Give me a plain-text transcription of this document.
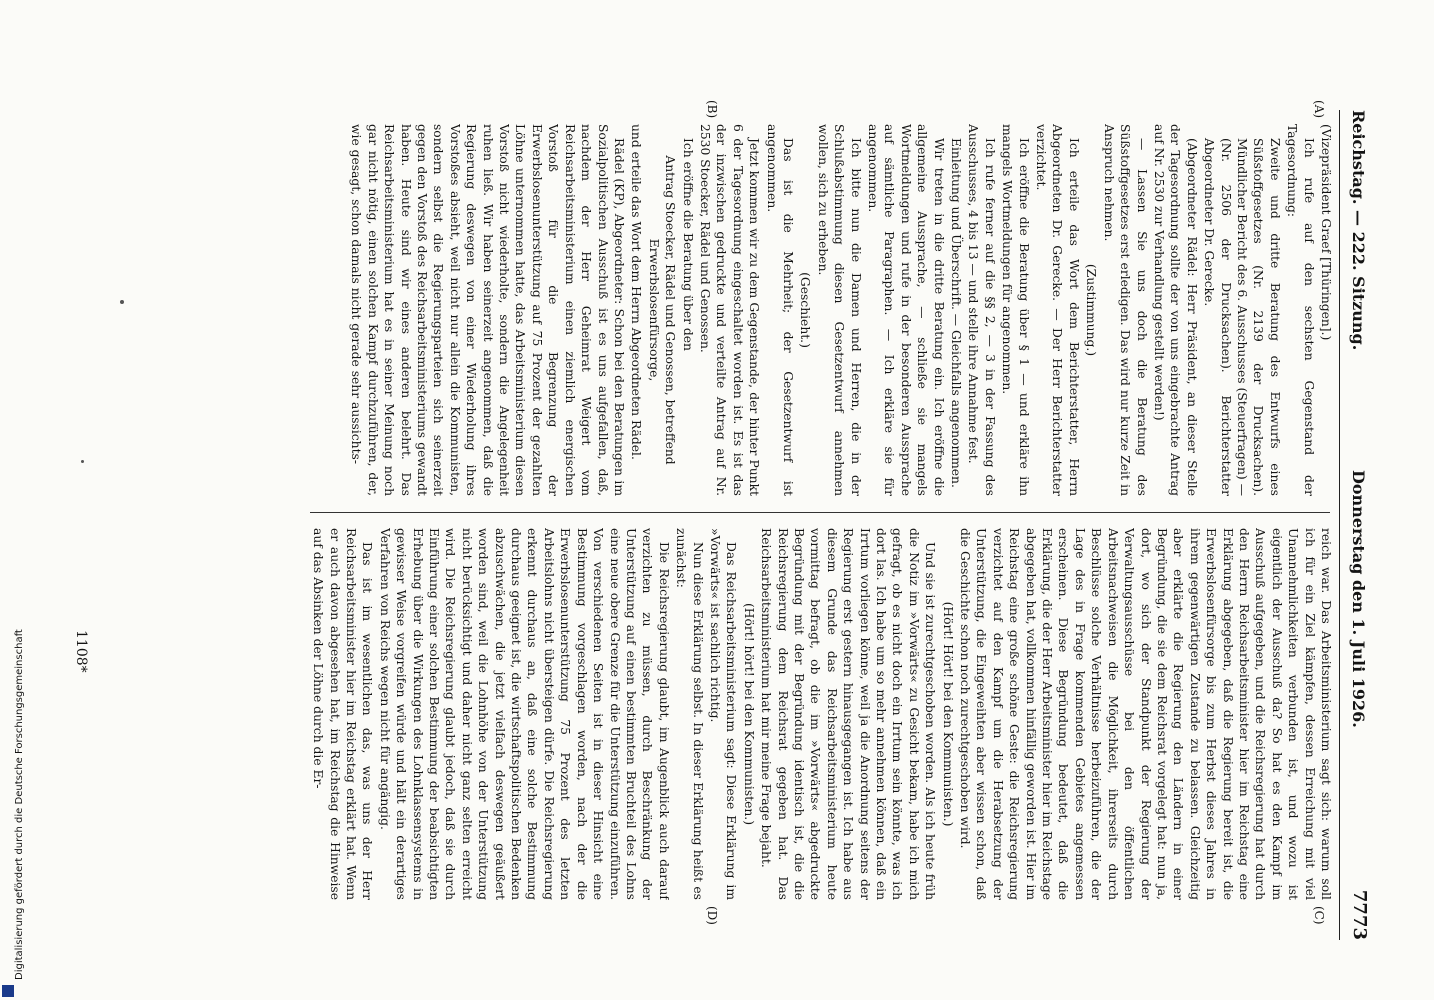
Reichstag. — 222. Sitzung.
Donnerstag den 1. Juli 1926.
7773
(A)
(B)
(C)
(D)

(Vizepräsident Graef [Thüringen].)

Ich rufe auf den sechsten Gegenstand der Tagesordnung:

Zweite und dritte Beratung des Entwurfs eines Süßstoffgesetzes (Nr. 2139 der Drucksachen). Mündlicher Bericht des 6. Ausschusses (Steuerfragen) — (Nr. 2506 der Drucksachen). Berichterstatter Abgeordneter Dr. Gerecke.

(Abgeordneter Rädel: Herr Präsident, an dieser Stelle der Tagesordnung sollte der von uns eingebrachte Antrag auf Nr. 2530 zur Verhandlung gestellt werden!)

— Lassen Sie uns doch die Beratung des Süßstoffgesetzes erst erledigen. Das wird nur kurze Zeit in Anspruch nehmen.

(Zustimmung.)

Ich erteile das Wort dem Berichterstatter, Herrn Abgeordneten Dr. Gerecke. — Der Herr Berichterstatter verzichtet.

Ich eröffne die Beratung über § 1 — und erkläre ihn mangels Wortmeldungen für angenommen.

Ich rufe ferner auf die §§ 2, — 3 in der Fassung des Ausschusses, 4 bis 13 — und stelle ihre Annahme fest.

Einleitung und Überschrift. — Gleichfalls angenommen.

Wir treten in die dritte Beratung ein. Ich eröffne die allgemeine Aussprache, — schließe sie mangels Wortmeldungen und rufe in der besonderen Aussprache auf sämtliche Paragraphen. — Ich erkläre sie für angenommen.

Ich bitte nun die Damen und Herren, die in der Schlußabstimmung diesen Gesetzentwurf annehmen wollen, sich zu erheben.

(Geschieht.)

Das ist die Mehrheit; der Gesetzentwurf ist angenommen.

Jetzt kommen wir zu dem Gegenstande, der hinter Punkt 6 der Tagesordnung eingeschaltet worden ist. Es ist das der inzwischen gedruckte und verteilte Antrag auf Nr. 2530 Stoecker, Rädel und Genossen.

Ich eröffne die Beratung über den

Antrag Stoecker, Rädel und Genossen, betreffend Erwerbslosenfürsorge,

und erteile das Wort dem Herrn Abgeordneten Rädel.

Rädel (KP), Abgeordneter: Schon bei den Beratungen im Sozialpolitischen Ausschuß ist es uns aufgefallen, daß, nachdem der Herr Geheimrat Weigert vom Reichsarbeitsministerium einen ziemlich energischen Vorstoß für die Begrenzung der Erwerbslosenunterstützung auf 75 Prozent der gezahlten Löhne unternommen hatte, das Arbeitsministerium diesen Vorstoß nicht wiederholte, sondern die Angelegenheit ruhen ließ. Wir haben seinerzeit angenommen, daß die Regierung deswegen von einer Wiederholung ihres Vorstoßes absieht, weil nicht nur allein die Kommunisten, sondern selbst die Regierungsparteien sich seinerzeit gegen den Vorstoß des Reichsarbeitsministeriums gewandt haben. Heute sind wir eines anderen belehrt. Das Reichsarbeitsministerium hat es in seiner Meinung noch gar nicht nötig, einen solchen Kampf durchzuführen, der, wie gesagt, schon damals nicht gerade sehr aussichts-

reich war. Das Arbeitsministerium sagt sich: warum soll ich für ein Ziel kämpfen, dessen Erreichung mit viel Unannehmlichkeiten verbunden ist, und wozu ist eigentlich der Ausschuß da? So hat es den Kampf im Ausschuß aufgegeben, und die Reichsregierung hat durch den Herrn Reichsarbeitsminister hier im Reichstag eine Erklärung abgegeben, daß die Regierung bereit ist, die Erwerbslosenfürsorge bis zum Herbst dieses Jahres in ihrem gegenwärtigen Zustande zu belassen. Gleichzeitig aber erklärte die Regierung den Ländern in einer Begründung, die sie dem Reichsrat vorgelegt hat: nun ja, dort, wo sich der Standpunkt der Regierung der Verwaltungsausschüsse bei den öffentlichen Arbeitsnachweisen die Möglichkeit, ihrerseits durch Beschlüsse solche Verhältnisse herbeizuführen, die der Lage des in Frage kommenden Gebietes angemessen erscheinen. Diese Begründung bedeutet, daß die Erklärung, die der Herr Arbeitsminister hier im Reichstage abgegeben hat, vollkommen hinfällig geworden ist. Hier im Reichstag eine große schöne Geste: die Reichsregierung verzichtet auf den Kampf um die Herabsetzung der Unterstützung, die Eingeweihten aber wissen schon, daß die Geschichte schon noch zurechtgeschoben wird.

(Hört! Hört! bei den Kommunisten.)

Und sie ist zurechtgeschoben worden. Als ich heute früh die Notiz im »Vorwärts« zu Gesicht bekam, habe ich mich gefragt, ob es nicht doch ein Irrtum sein könnte, was ich dort las. Ich habe um so mehr annehmen können, daß ein Irrtum vorliegen könne, weil ja die Anordnung seitens der Regierung erst gestern hinausgegangen ist. Ich habe aus diesem Grunde das Reichsarbeitsministerium heute vormittag befragt, ob die im »Vorwärts« abgedruckte Begründung mit der Begründung identisch ist, die die Reichsregierung dem Reichsrat gegeben hat. Das Reichsarbeitsministerium hat mir meine Frage bejaht.

(Hört! hört! bei den Kommunisten.)

Das Reichsarbeitsministerium sagt: Diese Erklärung im »Vorwärts« ist sachlich richtig.

Nun diese Erklärung selbst. In dieser Erklärung heißt es zunächst:

Die Reichsregierung glaubt, im Augenblick auch darauf verzichten zu müssen, durch Beschränkung der Unterstützung auf einen bestimmten Bruchteil des Lohns eine neue obere Grenze für die Unterstützung einzuführen. Von verschiedenen Seiten ist in dieser Hinsicht eine Bestimmung vorgeschlagen worden, nach der die Erwerbslosenunterstützung 75 Prozent des letzten Arbeitslohns nicht übersteigen dürfe. Die Reichsregierung erkennt durchaus an, daß eine solche Bestimmung durchaus geeignet ist, die wirtschaftspolitischen Bedenken abzuschwächen, die jetzt vielfach deswegen geäußert worden sind, weil die Lohnhöhe von der Unterstützung nicht berücksichtigt und daher nicht ganz selten erreicht wird. Die Reichsregierung glaubt jedoch, daß sie durch Einführung einer solchen Bestimmung der beabsichtigten Erhebung über die Wirkungen des Lohnklassensystems in gewisser Weise vorgreifen würde und hält ein derartiges Verfahren von Reichs wegen nicht für angängig.

Das ist im wesentlichen das, was uns der Herr Reichsarbeitsminister hier im Reichstag erklärt hat. Wenn er auch davon abgesehen hat, im Reichstag die Hinweise auf das Absinken der Löhne durch die Er-

1108*
Digitalisierung gefördert durch die Deutsche Forschungsgemeinschaft
